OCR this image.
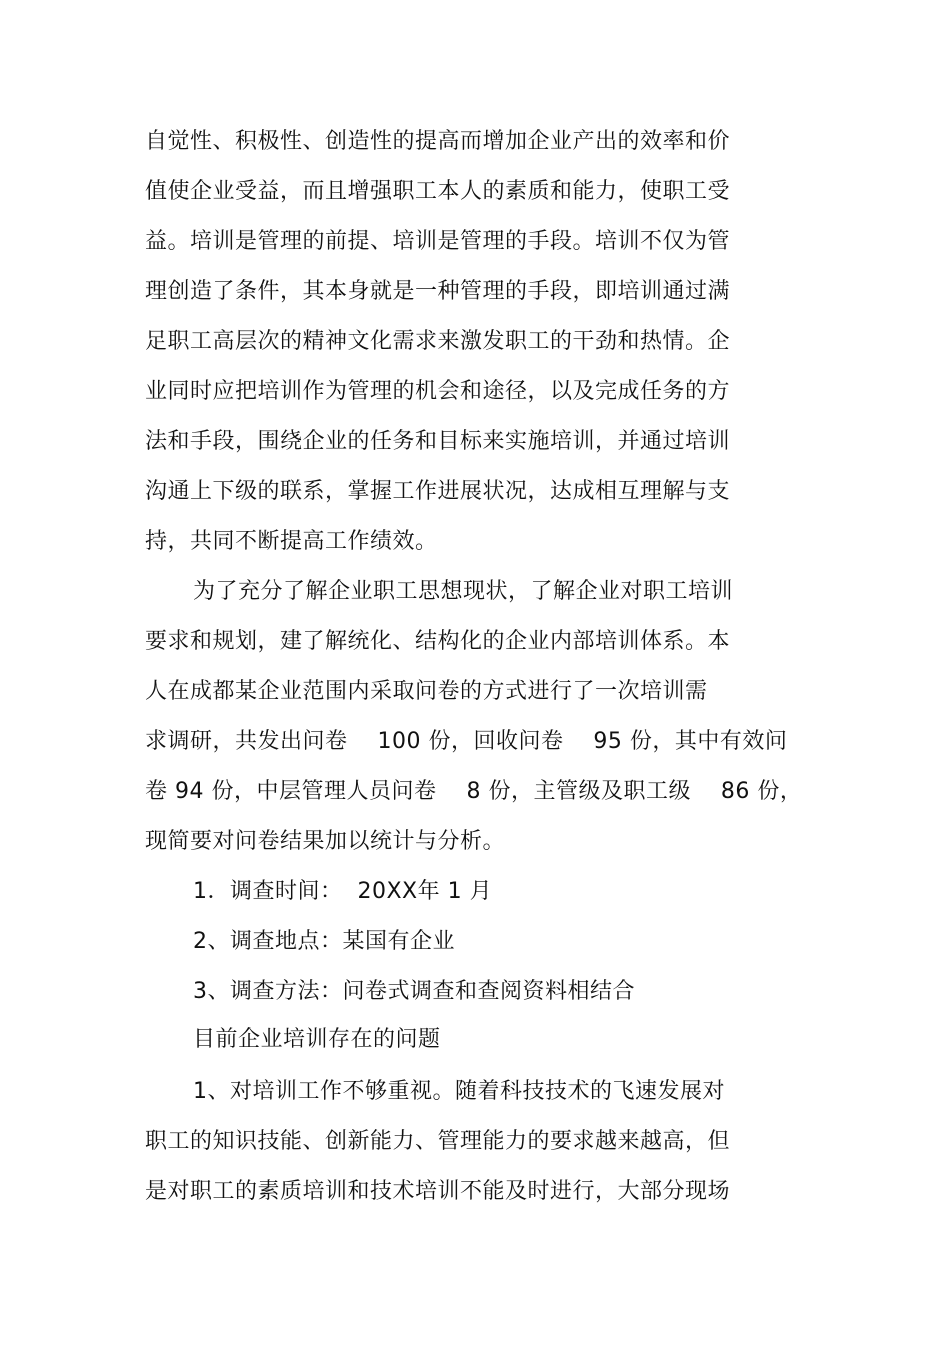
自觉性、积极性、创造性的提高而增加企业产出的效率和价
值使企业受益，而且增强职工本人的素质和能力，使职工受
益。培训是管理的前提、培训是管理的手段。培训不仅为管
理创造了条件，其本身就是一种管理的手段，即培训通过满
足职工高层次的精神文化需求来激发职工的干劲和热情。企
业同时应把培训作为管理的机会和途径，以及完成任务的方
法和手段，围绕企业的任务和目标来实施培训，并通过培训
沟通上下级的联系，掌握工作进展状况，达成相互理解与支
持，共同不断提高工作绩效。
为了充分了解企业职工思想现状，了解企业对职工培训
要求和规划，建了解统化、结构化的企业内部培训体系。本
人在成都某企业范围内采取问卷的方式进行了一次培训需
求调研，共发出问卷    100 份，回收问卷    95 份，其中有效问
卷 94 份，中层管理人员问卷    8 份，主管级及职工级    86 份，
现简要对问卷结果加以统计与分析。
1．调查时间：  20XX年 1 月
2、调查地点：某国有企业
3、调查方法：问卷式调查和查阅资料相结合
目前企业培训存在的问题
1、对培训工作不够重视。随着科技技术的飞速发展对
职工的知识技能、创新能力、管理能力的要求越来越高，但
是对职工的素质培训和技术培训不能及时进行，大部分现场
